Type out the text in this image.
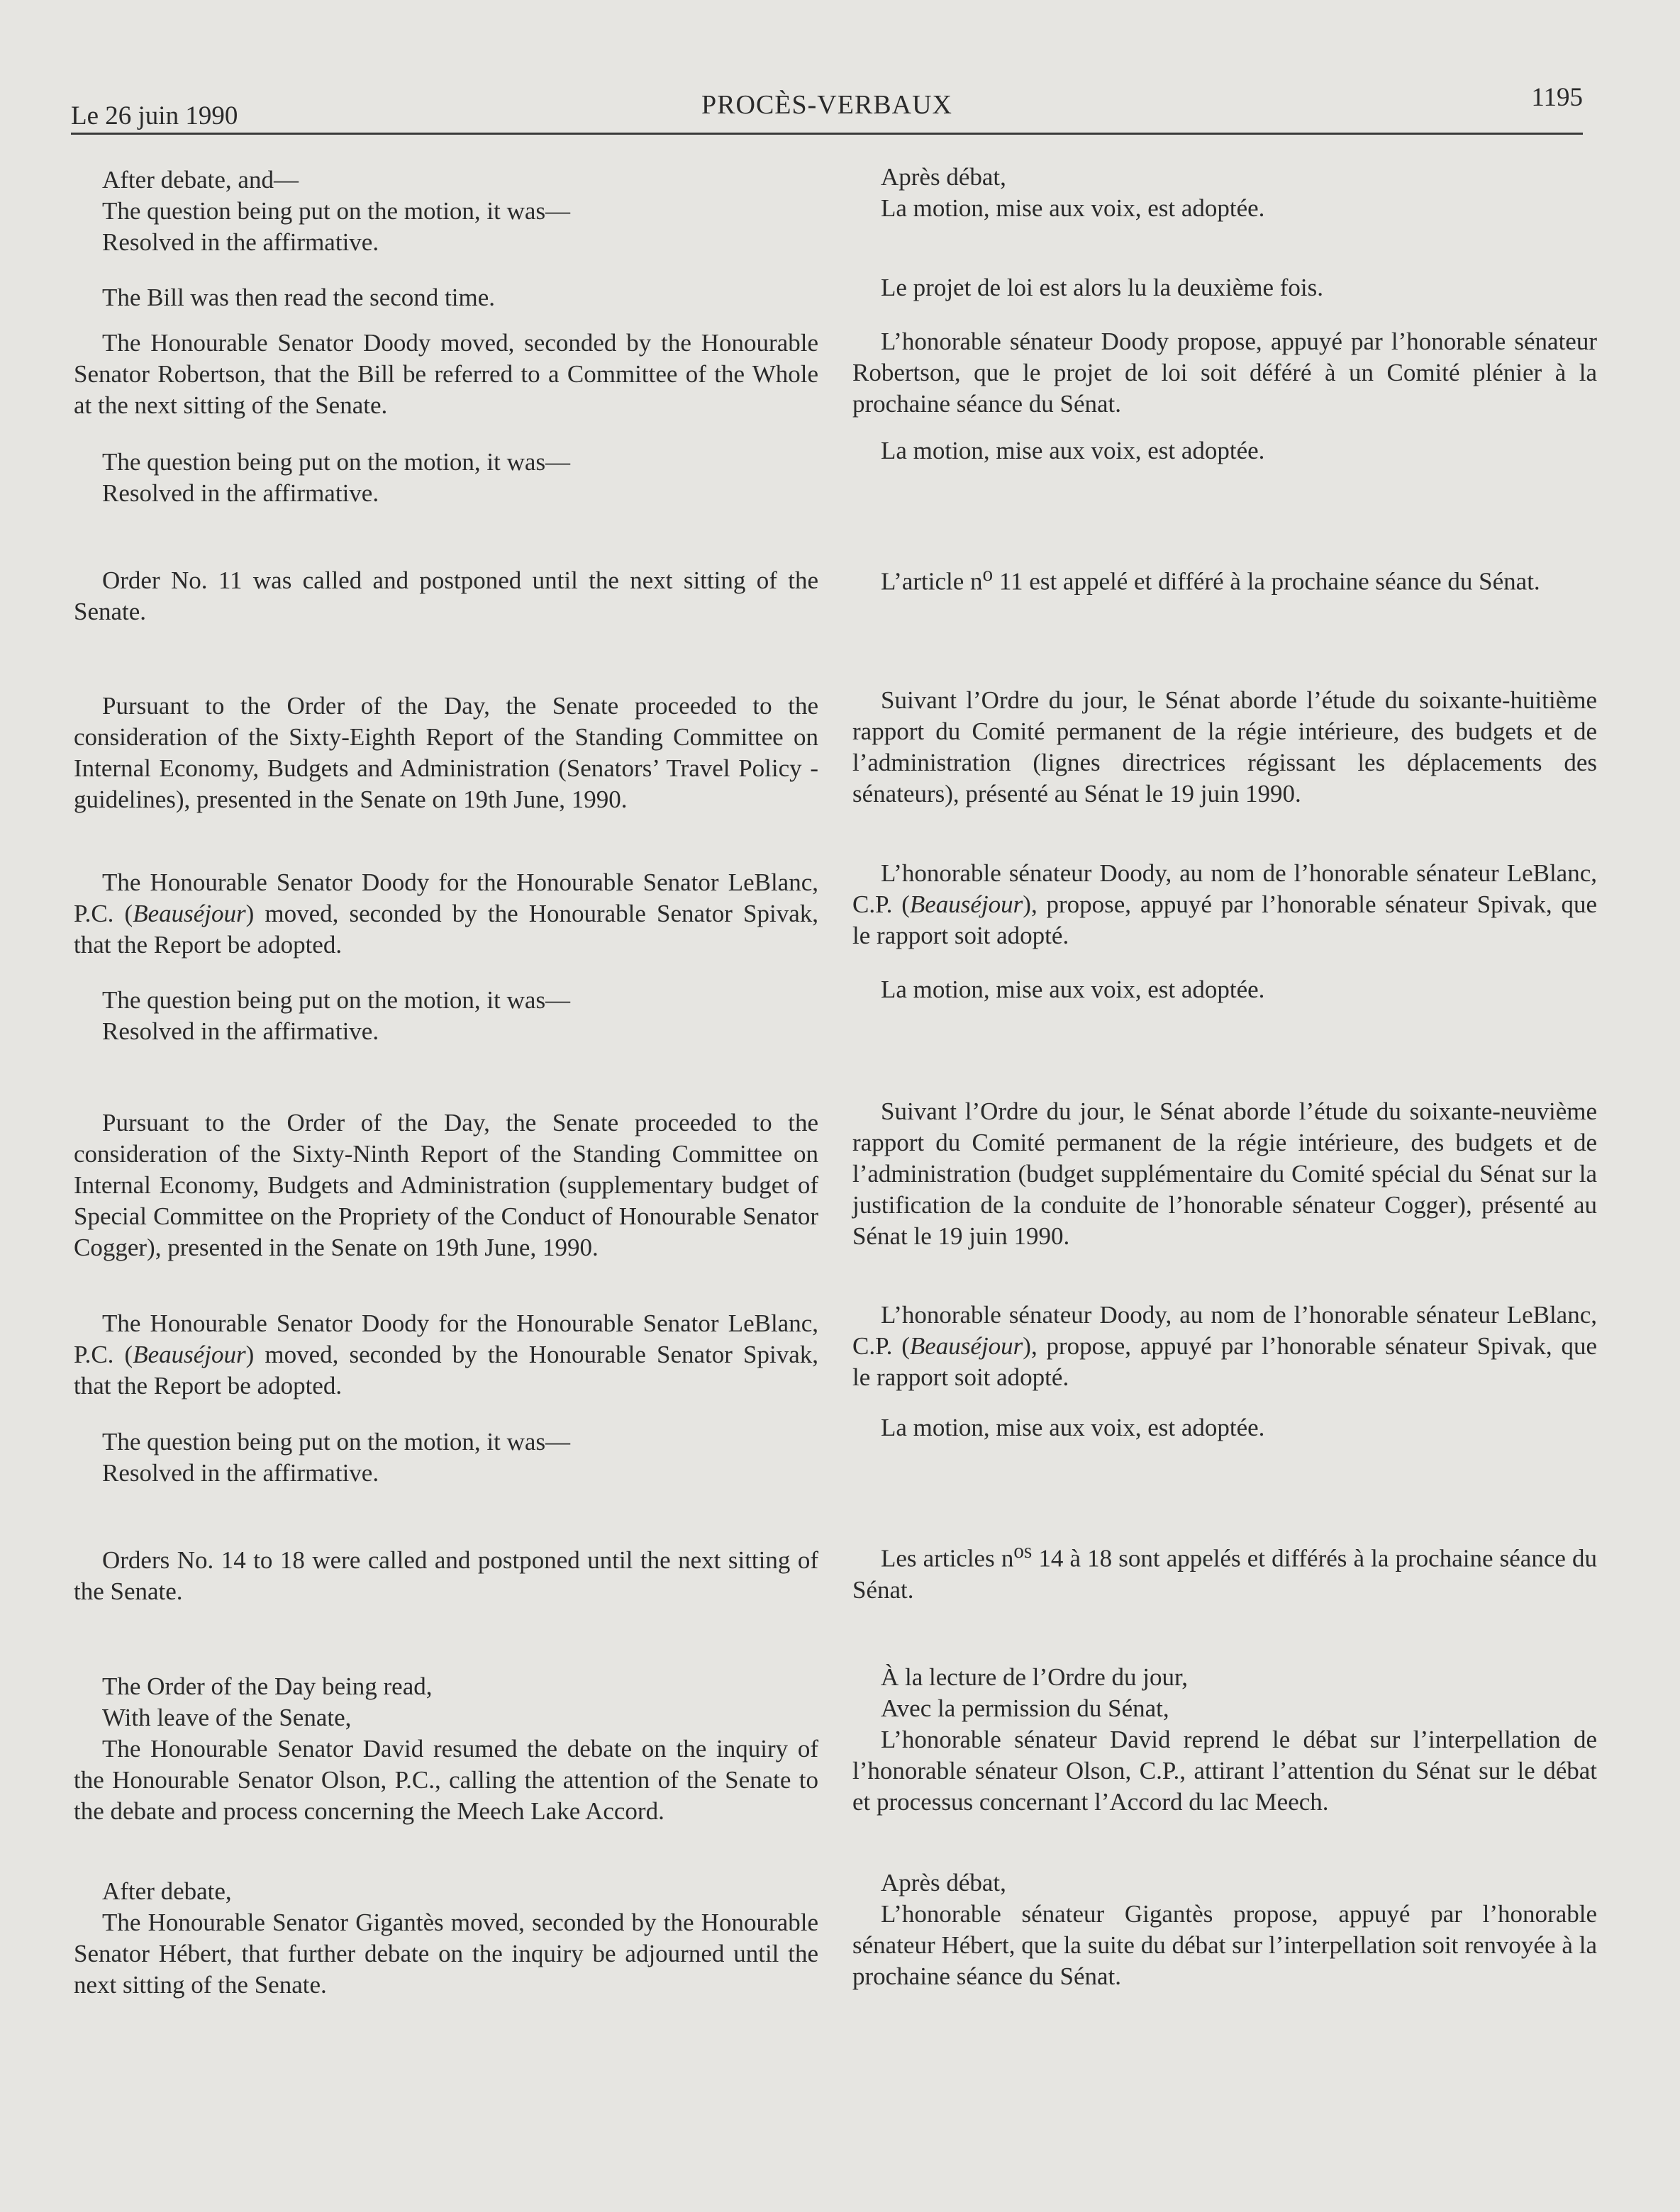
Le 26 juin 1990	PROCÈS-VERBAUX	1195

After debate, and—

The question being put on the motion, it was—

Resolved in the affirmative.

The Bill was then read the second time.

The Honourable Senator Doody moved, seconded by the Honourable Senator Robertson, that the Bill be referred to a Committee of the Whole at the next sitting of the Senate.

The question being put on the motion, it was—

Resolved in the affirmative.

Order No. 11 was called and postponed until the next sitting of the Senate.

Pursuant to the Order of the Day, the Senate proceeded to the consideration of the Sixty-Eighth Report of the Standing Committee on Internal Economy, Budgets and Administration (Senators’ Travel Policy - guidelines), presented in the Senate on 19th June, 1990.

The Honourable Senator Doody for the Honourable Senator LeBlanc, P.C. (Beauséjour) moved, seconded by the Honourable Senator Spivak, that the Report be adopted.

The question being put on the motion, it was—

Resolved in the affirmative.

Pursuant to the Order of the Day, the Senate proceeded to the consideration of the Sixty-Ninth Report of the Standing Committee on Internal Economy, Budgets and Administration (supplementary budget of Special Committee on the Propriety of the Conduct of Honourable Senator Cogger), presented in the Senate on 19th June, 1990.

The Honourable Senator Doody for the Honourable Senator LeBlanc, P.C. (Beauséjour) moved, seconded by the Honourable Senator Spivak, that the Report be adopted.

The question being put on the motion, it was—

Resolved in the affirmative.

Orders No. 14 to 18 were called and postponed until the next sitting of the Senate.

The Order of the Day being read,

With leave of the Senate,

The Honourable Senator David resumed the debate on the inquiry of the Honourable Senator Olson, P.C., calling the attention of the Senate to the debate and process concerning the Meech Lake Accord.

After debate,

The Honourable Senator Gigantès moved, seconded by the Honourable Senator Hébert, that further debate on the inquiry be adjourned until the next sitting of the Senate.

Après débat,

La motion, mise aux voix, est adoptée.

Le projet de loi est alors lu la deuxième fois.

L’honorable sénateur Doody propose, appuyé par l’honorable sénateur Robertson, que le projet de loi soit déféré à un Comité plénier à la prochaine séance du Sénat.

La motion, mise aux voix, est adoptée.

L’article $n^o$ 11 est appelé et différé à la prochaine séance du Sénat.

Suivant l’Ordre du jour, le Sénat aborde l’étude du soixante-huitième rapport du Comité permanent de la régie intérieure, des budgets et de l’administration (lignes directrices régissant les déplacements des sénateurs), présenté au Sénat le 19 juin 1990.

L’honorable sénateur Doody, au nom de l’honorable sénateur LeBlanc, C.P. (Beauséjour), propose, appuyé par l’honorable sénateur Spivak, que le rapport soit adopté.

La motion, mise aux voix, est adoptée.

Suivant l’Ordre du jour, le Sénat aborde l’étude du soixante-neuvième rapport du Comité permanent de la régie intérieure, des budgets et de l’administration (budget supplémentaire du Comité spécial du Sénat sur la justification de la conduite de l’honorable sénateur Cogger), présenté au Sénat le 19 juin 1990.

L’honorable sénateur Doody, au nom de l’honorable sénateur LeBlanc, C.P. (Beauséjour), propose, appuyé par l’honorable sénateur Spivak, que le rapport soit adopté.

La motion, mise aux voix, est adoptée.

Les articles $n^{os}$ 14 à 18 sont appelés et différés à la prochaine séance du Sénat.

À la lecture de l’Ordre du jour,

Avec la permission du Sénat,

L’honorable sénateur David reprend le débat sur l’interpellation de l’honorable sénateur Olson, C.P., attirant l’attention du Sénat sur le débat et processus concernant l’Accord du lac Meech.

Après débat,

L’honorable sénateur Gigantès propose, appuyé par l’honorable sénateur Hébert, que la suite du débat sur l’interpellation soit renvoyée à la prochaine séance du Sénat.
